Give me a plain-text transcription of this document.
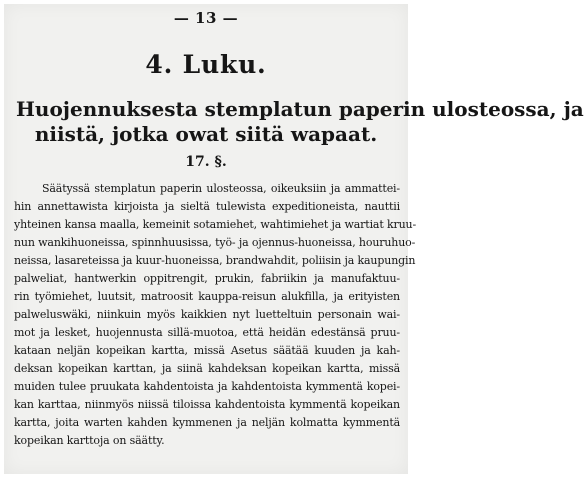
— 13 —
4. Luku.
Huojennuksesta stemplatun paperin ulosteossa, ja
niistä, jotka owat siitä wapaat.
17. §.
Säätyssä stemplatun paperin ulosteossa, oikeuksiin ja ammattei-
hin annettawista kirjoista ja sieltä tulewista expeditioneista, nauttii
yhteinen kansa maalla, kemeinit sotamiehet, wahtimiehet ja wartiat kruu-
nun wankihuoneissa, spinnhuusissa, työ- ja ojennus-huoneissa, houruhuo-
neissa, lasareteissa ja kuur-huoneissa, brandwahdit, poliisin ja kaupungin
palweliat, hantwerkin oppitrengit, prukin, fabriikin ja manufaktuu-
rin työmiehet, luutsit, matroosit kauppa-reisun alukfilla, ja erityisten
palweluswäki, niinkuin myös kaikkien nyt luetteltuin personain wai-
mot ja lesket, huojennusta sillä-muotoa, että heidän edestänsä pruu-
kataan neljän kopeikan kartta, missä Asetus säätää kuuden ja kah-
deksan kopeikan karttan, ja siinä kahdeksan kopeikan kartta, missä
muiden tulee pruukata kahdentoista ja kahdentoista kymmentä kopei-
kan karttaa, niinmyös niissä tiloissa kahdentoista kymmentä kopeikan
kartta, joita warten kahden kymmenen ja neljän kolmatta kymmentä
kopeikan karttoja on säätty.
